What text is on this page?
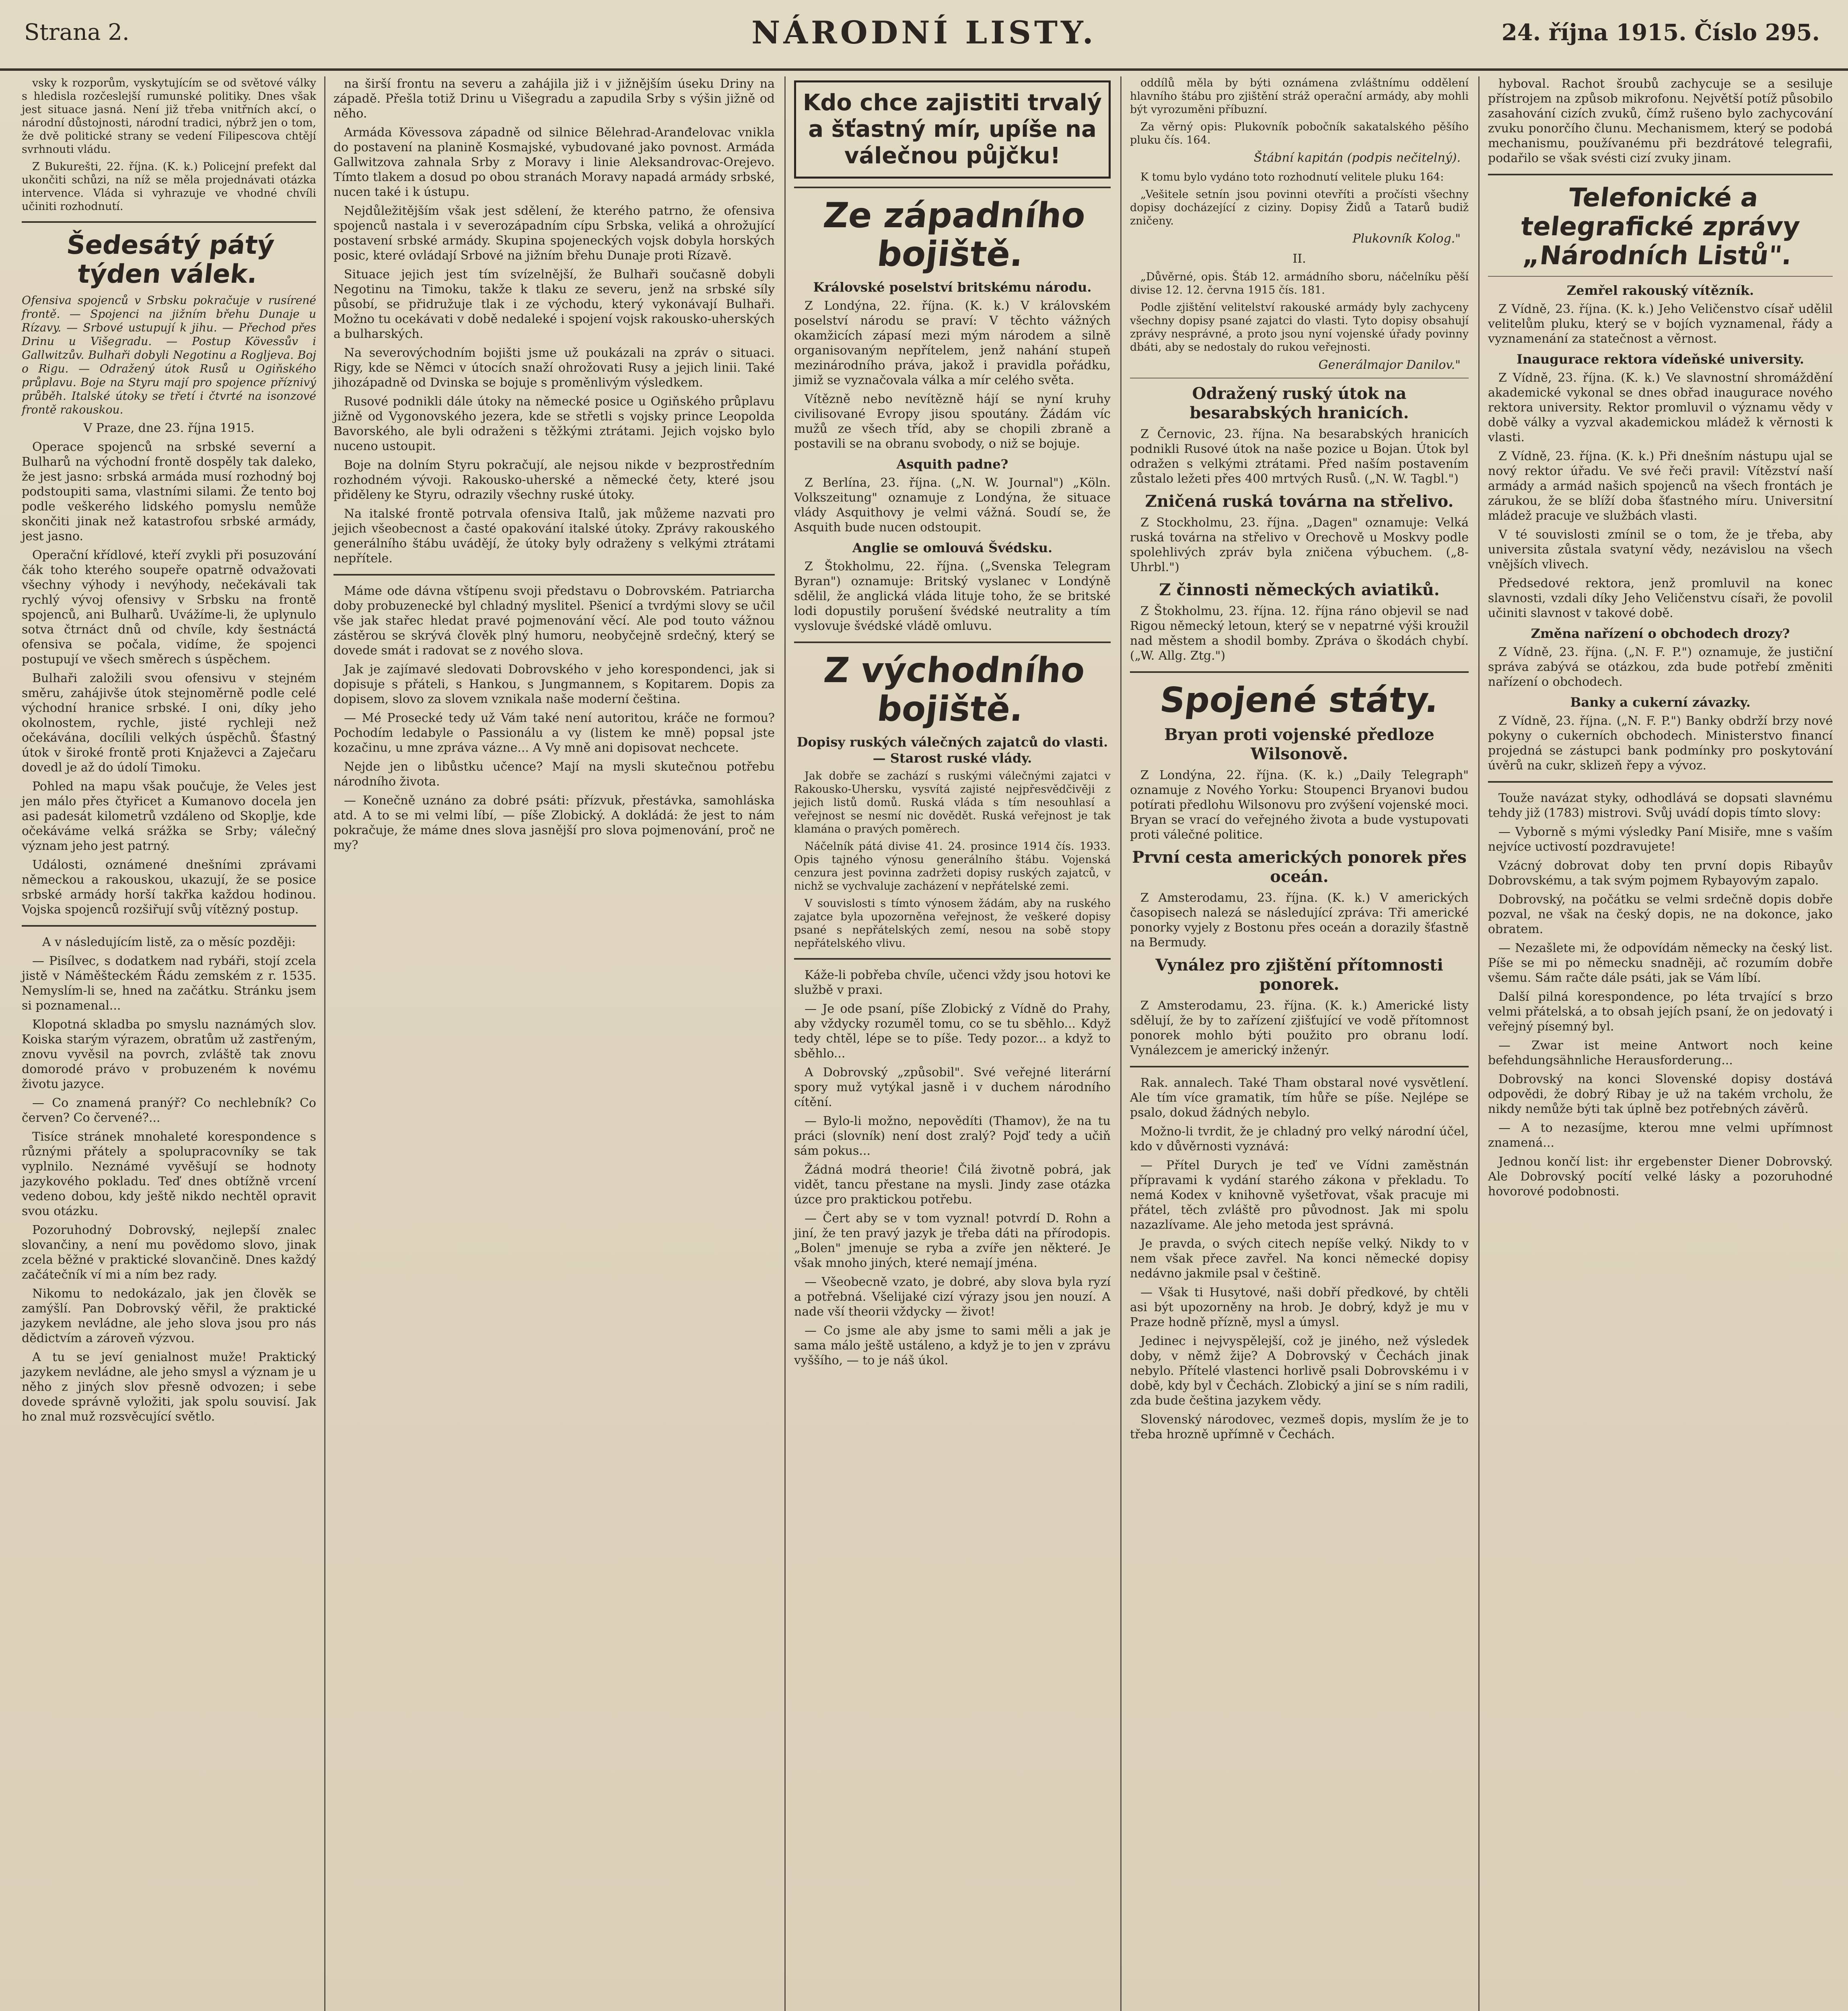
Strana 2.	NÁRODNÍ LISTY.	24. října 1915. Číslo 295.

vsky k rozporům, vyskytujícím se od světové války s hledisla rozčeslejší rumunské politiky. Dnes však jest situace jasná. Není již třeba vnitřních akcí, o národní důstojnosti, národní tradici, nýbrž jen o tom, že dvě politické strany se vedení Filipescova chtějí svrhnouti vládu.

Z Bukurešti, 22. října. (K. k.) Policejní prefekt dal ukončiti schůzi, na níž se měla projednávati otázka intervence. Vláda si vyhrazuje ve vhodné chvíli učiniti rozhodnutí.

Šedesátý pátý týden válek.

Ofensiva spojenců v Srbsku pokračuje v rusírené frontě. — Spojenci na jižním břehu Dunaje u Rízavy. — Srbové ustupují k jihu. — Přechod přes Drinu u Višegradu. — Postup Kövessův i Gallwitzův. Bulhaři dobyli Negotinu a Rogljeva. Boj o Rigu. — Odražený útok Rusů u Ogiňského průplavu. Boje na Styru mají pro spojence příznivý průběh. Italské útoky se třetí i čtvrté na isonzové frontě rakouskou.

V Praze, dne 23. října 1915.

Operace spojenců na srbské severní a Bulharů na východní frontě dospěly tak daleko, že jest jasno: srbská armáda musí rozhodný boj podstoupiti sama, vlastními silami. Že tento boj podle veškerého lidského pomyslu nemůže skončiti jinak než katastrofou srbské armády, jest jasno.

Operační křídlové, kteří zvykli při posuzování čák toho kterého soupeře opatrně odvažovati všechny výhody i nevýhody, nečekávali tak rychlý vývoj ofensivy v Srbsku na frontě spojenců, ani Bulharů. Uvážíme-li, že uplynulo sotva čtrnáct dnů od chvíle, kdy šestnáctá ofensiva se počala, vidíme, že spojenci postupují ve všech směrech s úspěchem.

Bulhaři založili svou ofensivu v stejném směru, zahájivše útok stejnoměrně podle celé východní hranice srbské. I oni, díky jeho okolnostem, rychle, jisté rychleji než očekávána, docílili velkých úspěchů. Šťastný útok v široké frontě proti Knjaževci a Zaječaru dovedl je až do údolí Timoku.

Pohled na mapu však poučuje, že Veles jest jen málo přes čtyřicet a Kumanovo docela jen asi padesát kilometrů vzdáleno od Skoplje, kde očekáváme velká srážka se Srby; válečný význam jeho jest patrný.

Události, oznámené dnešními zprávami německou a rakouskou, ukazují, že se posice srbské armády horší takřka každou hodinou. Vojska spojenců rozšiřují svůj vítězný postup.

A v následujícím listě, za o měsíc později:

— Pisílvec, s dodatkem nad rybáři, stojí zcela jistě v Náměšteckém Řádu zemském z r. 1535. Nemyslím-li se, hned na začátku. Stránku jsem si poznamenal...

Klopotná skladba po smyslu naznámých slov. Koiska starým výrazem, obratům už zastřeným, znovu vyvěsil na povrch, zvláště tak znovu domorodé právo v probuzeném k novému životu jazyce.

— Co znamená pranýř? Co nechlebník? Co červen? Co červené?...

Tisíce stránek mnohaleté korespondence s různými přátely a spolupracovníky se tak vyplnilo. Neznámé vyvěšují se hodnoty jazykového pokladu. Teď dnes obtížně vrcení vedeno dobou, kdy ještě nikdo nechtěl opravit svou otázku.

Pozoruhodný Dobrovský, nejlepší znalec slovančiny, a není mu povědomo slovo, jinak zcela běžné v praktické slovančině. Dnes každý začátečník ví mi a ním bez rady.

Nikomu to nedokázalo, jak jen člověk se zamýšlí. Pan Dobrovský věřil, že praktické jazykem nevládne, ale jeho slova jsou pro nás dědictvím a zároveň výzvou.

A tu se jeví genialnost muže! Praktický jazykem nevládne, ale jeho smysl a význam je u něho z jiných slov přesně odvozen; i sebe dovede správně vyložiti, jak spolu souvisí. Jak ho znal muž rozsvěcující světlo.

na širší frontu na severu a zahájila již i v jižnějším úseku Driny na západě. Přešla totiž Drinu u Višegradu a zapudila Srby s výšin jižně od něho.

Armáda Kövessova západně od silnice Bělehrad-Aranđelovac vnikla do postavení na planině Kosmajské, vybudované jako povnost. Armáda Gallwitzova zahnala Srby z Moravy i linie Aleksandrovac-Orejevo. Tímto tlakem a dosud po obou stranách Moravy napadá armády srbské, nucen také i k ústupu.

Nejdůležitějším však jest sdělení, že kterého patrno, že ofensiva spojenců nastala i v severozápadním cípu Srbska, veliká a ohrožující postavení srbské armády. Skupina spojeneckých vojsk dobyla horských posic, které ovládají Srbové na jižním břehu Dunaje proti Rízavě.

Situace jejich jest tím svízelnější, že Bulhaři současně dobyli Negotinu na Timoku, takže k tlaku ze severu, jenž na srbské síly působí, se přidružuje tlak i ze východu, který vykonávají Bulhaři. Možno tu ocekávati v době nedaleké i spojení vojsk rakousko-uherských a bulharských.

Na severovýchodním bojišti jsme už poukázali na zpráv o situaci. Rigy, kde se Němci v útocích snaží ohrožovati Rusy a jejich linii. Také jihozápadně od Dvinska se bojuje s proměnlivým výsledkem.

Rusové podnikli dále útoky na německé posice u Ogiňského průplavu jižně od Vygonovského jezera, kde se střetli s vojsky prince Leopolda Bavorského, ale byli odraženi s těžkými ztrátami. Jejich vojsko bylo nuceno ustoupit.

Boje na dolním Styru pokračují, ale nejsou nikde v bezprostředním rozhodném vývoji. Rakousko-uherské a německé čety, které jsou přiděleny ke Styru, odrazily všechny ruské útoky.

Na italské frontě potrvala ofensiva Italů, jak můžeme nazvati pro jejich všeobecnost a časté opakování italské útoky. Zprávy rakouského generálního štábu uvádějí, že útoky byly odraženy s velkými ztrátami nepřítele.

Máme ode dávna vštípenu svoji představu o Dobrovském. Patriarcha doby probuzenecké byl chladný myslitel. Pšenicí a tvrdými slovy se učil vše jak stařec hledat pravé pojmenování věcí. Ale pod touto vážnou zástěrou se skrývá člověk plný humoru, neobyčejně srdečný, který se dovede smát i radovat se z nového slova.

Jak je zajímavé sledovati Dobrovského v jeho korespondenci, jak si dopisuje s přáteli, s Hankou, s Jungmannem, s Kopitarem. Dopis za dopisem, slovo za slovem vznikala naše moderní čeština.

— Mé Prosecké tedy už Vám také není autoritou, kráče ne formou? Pochodím ledabyle o Passionálu a vy (listem ke mně) popsal jste kozačinu, u mne zpráva vázne... A Vy mně ani dopisovat nechcete.

Nejde jen o libůstku učence? Mají na mysli skutečnou potřebu národního života.

— Konečně uznáno za dobré psáti: přízvuk, přestávka, samohláska atd. A to se mi velmi líbí, — píše Zlobický. A dokládá: že jest to nám pokračuje, že máme dnes slova jasnější pro slova pojmenování, proč ne my?

Kdo chce zajistiti trvalý a šťastný mír, upíše na válečnou půjčku!
Ze západního bojiště.
Královské poselství britskému národu.

Z Londýna, 22. října. (K. k.) V královském poselství národu se praví: V těchto vážných okamžicích zápasí mezi mým národem a silně organisovaným nepřítelem, jenž nahání stupeň mezinárodního práva, jakož i pravidla pořádku, jimiž se vyznačovala válka a mír celého světa.

Vítězně nebo nevítězně hájí se nyní kruhy civilisované Evropy jisou spoutány. Žádám víc mužů ze všech tříd, aby se chopili zbraně a postavili se na obranu svobody, o niž se bojuje.

Asquith padne?

Z Berlína, 23. října. („N. W. Journal") „Köln. Volkszeitung" oznamuje z Londýna, že situace vlády Asquithovy je velmi vážná. Soudí se, že Asquith bude nucen odstoupit.

Anglie se omlouvá Švédsku.

Z Štokholmu, 22. října. („Svenska Telegram Byran") oznamuje: Britský vyslanec v Londýně sdělil, že anglická vláda lituje toho, že se britské lodi dopustily porušení švédské neutrality a tím vyslovuje švédské vládě omluvu.

Z východního bojiště.
Dopisy ruských válečných zajatců do vlasti. — Starost ruské vlády.

Jak dobře se zachází s ruskými válečnými zajatci v Rakousko-Uhersku, vysvítá zajisté nejpřesvědčivěji z jejich listů domů. Ruská vláda s tím nesouhlasí a veřejnost se nesmí nic dovědět. Ruská veřejnost je tak klamána o pravých poměrech.

Náčelník pátá divise 41. 24. prosince 1914 čís. 1933. Opis tajného výnosu generálního štábu. Vojenská cenzura jest povinna zadržeti dopisy ruských zajatců, v nichž se vychvaluje zacházení v nepřátelské zemi.

V souvislosti s tímto výnosem žádám, aby na ruského zajatce byla upozorněna veřejnost, že veškeré dopisy psané s nepřátelských zemí, nesou na sobě stopy nepřátelského vlivu.

Káže-li pobřeba chvíle, učenci vždy jsou hotovi ke službě v praxi.

— Je ode psaní, píše Zlobický z Vídně do Prahy, aby vždycky rozuměl tomu, co se tu sběhlo... Když tedy chtěl, lépe se to píše. Tedy pozor... a když to sběhlo...

A Dobrovský „způsobil". Své veřejné literární spory muž vytýkal jasně i v duchem národního cítění.

— Bylo-li možno, nepovědíti (Thamov), že na tu práci (slovník) není dost zralý? Pojď tedy a učiň sám pokus...

Žádná modrá theorie! Čilá životně pobrá, jak vidět, tancu přestane na mysli. Jindy zase otázka úzce pro praktickou potřebu.

— Čert aby se v tom vyznal! potvrdí D. Rohn a jiní, že ten pravý jazyk je třeba dáti na přírodopis. „Bolen" jmenuje se ryba a zvíře jen některé. Je však mnoho jiných, které nemají jména.

— Všeobecně vzato, je dobré, aby slova byla ryzí a potřebná. Všelijaké cizí výrazy jsou jen nouzí. A nade vší theorii vždycky — život!

— Co jsme ale aby jsme to sami měli a jak je sama málo ještě ustáleno, a když je to jen v zprávu vyššího, — to je náš úkol.

oddílů měla by býti oznámena zvláštnímu oddělení hlavního štábu pro zjištění stráž operační armády, aby mohli být vyrozuměni příbuzní.

Za věrný opis: Plukovník pobočník sakatalského pěšího pluku čís. 164.

Štábní kapitán (podpis nečitelný).

K tomu bylo vydáno toto rozhodnutí velitele pluku 164:

„Vešitele setnín jsou povinni otevříti a pročísti všechny dopisy docházející z ciziny. Dopisy Židů a Tatarů budiž zničeny.

Plukovník Kolog."

II.

„Důvěrné, opis. Štáb 12. armádního sboru, náčelníku pěší divise 12. 12. června 1915 čís. 181.

Podle zjištění velitelství rakouské armády byly zachyceny všechny dopisy psané zajatci do vlasti. Tyto dopisy obsahují zprávy nesprávné, a proto jsou nyní vojenské úřady povinny dbáti, aby se nedostaly do rukou veřejnosti.

Generálmajor Danilov."
Odražený ruský útok na besarabských hranicích.

Z Černovic, 23. října. Na besarabských hranicích podnikli Rusové útok na naše pozice u Bojan. Útok byl odražen s velkými ztrátami. Před naším postavením zůstalo ležeti přes 400 mrtvých Rusů. („N. W. Tagbl.")

Zničená ruská továrna na střelivo.

Z Stockholmu, 23. října. „Dagen" oznamuje: Velká ruská továrna na střelivo v Orechově u Moskvy podle spolehlivých zpráv byla zničena výbuchem. („8-Uhrbl.")

Z činnosti německých aviatiků.

Z Štokholmu, 23. října. 12. října ráno objevil se nad Rigou německý letoun, který se v nepatrné výši kroužil nad městem a shodil bomby. Zpráva o škodách chybí. („W. Allg. Ztg.")

Spojené státy.
Bryan proti vojenské předloze Wilsonově.

Z Londýna, 22. října. (K. k.) „Daily Telegraph" oznamuje z Nového Yorku: Stoupenci Bryanovi budou potírati předlohu Wilsonovu pro zvýšení vojenské moci. Bryan se vrací do veřejného života a bude vystupovati proti válečné politice.

První cesta amerických ponorek přes oceán.

Z Amsterodamu, 23. října. (K. k.) V amerických časopisech nalezá se následující zpráva: Tři americké ponorky vyjely z Bostonu přes oceán a dorazily šťastně na Bermudy.

Vynález pro zjištění přítomnosti ponorek.

Z Amsterodamu, 23. října. (K. k.) Americké listy sdělují, že by to zařízení zjišťující ve vodě přítomnost ponorek mohlo býti použito pro obranu lodí. Vynálezcem je americký inženýr.

Rak. annalech. Také Tham obstaral nové vysvětlení. Ale tím více gramatik, tím hůře se píše. Nejlépe se psalo, dokud žádných nebylo.

Možno-li tvrdit, že je chladný pro velký národní účel, kdo v důvěrnosti vyznává:

— Přítel Durych je teď ve Vídni zaměstnán přípravami k vydání starého zákona v překladu. To nemá Kodex v knihovně vyšetřovat, však pracuje mi přátel, těch zvláště pro původnost. Jak mi spolu nazazlívame. Ale jeho metoda jest správná.

Je pravda, o svých citech nepíše velký. Nikdy to v nem však přece zavřel. Na konci německé dopisy nedávno jakmile psal v češtině.

— Však ti Husytové, naši dobří předkové, by chtěli asi být upozorněny na hrob. Je dobrý, když je mu v Praze hodně přízně, mysl a úmysl.

Jedinec i nejvyspělejší, což je jiného, než výsledek doby, v němž žije? A Dobrovský v Čechách jinak nebylo. Přítelé vlastenci horlivě psali Dobrovskému i v době, kdy byl v Čechách. Zlobický a jiní se s ním radili, zda bude čeština jazykem vědy.

Slovenský národovec, vezmeš dopis, myslím že je to třeba hrozně upřímně v Čechách.

hyboval. Rachot šroubů zachycuje se a sesiluje přístrojem na způsob mikrofonu. Největší potíž působilo zasahování cizích zvuků, čímž rušeno bylo zachycování zvuku ponorčího člunu. Mechanismem, který se podobá mechanismu, používanému při bezdrátové telegrafii, podařilo se však svésti cizí zvuky jinam.

Telefonické a telegrafické zprávy „Národních Listů".
Zemřel rakouský vítězník.

Z Vídně, 23. října. (K. k.) Jeho Veličenstvo císař udělil velitelům pluku, který se v bojích vyznamenal, řády a vyznamenání za statečnost a věrnost.

Inaugurace rektora vídeňské university.

Z Vídně, 23. října. (K. k.) Ve slavnostní shromáždění akademické vykonal se dnes obřad inaugurace nového rektora university. Rektor promluvil o významu vědy v době války a vyzval akademickou mládež k věrnosti k vlasti.

Z Vídně, 23. října. (K. k.) Při dnešním nástupu ujal se nový rektor úřadu. Ve své řeči pravil: Vítězství naší armády a armád našich spojenců na všech frontách je zárukou, že se blíží doba šťastného míru. Universitní mládež pracuje ve službách vlasti.

V té souvislosti zmínil se o tom, že je třeba, aby universita zůstala svatyní vědy, nezávislou na všech vnějších vlivech.

Předsedové rektora, jenž promluvil na konec slavnosti, vzdali díky Jeho Veličenstvu císaři, že povolil učiniti slavnost v takové době.

Změna nařízení o obchodech drozy?

Z Vídně, 23. října. („N. F. P.") oznamuje, že justiční správa zabývá se otázkou, zda bude potřebí změniti nařízení o obchodech.

Banky a cukerní závazky.

Z Vídně, 23. října. („N. F. P.") Banky obdrží brzy nové pokyny o cukerních obchodech. Ministerstvo financí projedná se zástupci bank podmínky pro poskytování úvěrů na cukr, sklizeň řepy a vývoz.

Touže navázat styky, odhodlává se dopsati slavnému tehdy již (1783) mistrovi. Svůj uvádí dopis tímto slovy:

— Vyborně s mými výsledky Paní Misiře, mne s vaším nejvíce uctivostí pozdravujete!

Vzácný dobrovat doby ten první dopis Ribayův Dobrovskému, a tak svým pojmem Rybayovým zapalo.

Dobrovský, na počátku se velmi srdečně dopis dobře pozval, ne však na český dopis, ne na dokonce, jako obratem.

— Nezašlete mi, že odpovídám německy na český list. Píše se mi po německu snadněji, ač rozumím dobře všemu. Sám račte dále psáti, jak se Vám líbí.

Další pilná korespondence, po léta trvající s brzo velmi přátelská, a to obsah jejích psaní, že on jedovatý i veřejný písemný byl.

— Zwar ist meine Antwort noch keine befehdungsähnliche Herausforderung...

Dobrovský na konci Slovenské dopisy dostává odpovědi, že dobrý Ribay je už na takém vrcholu, že nikdy nemůže býti tak úplně bez potřebných závěrů.

— A to nezasíjme, kterou mne velmi upřímnost znamená...

Jednou končí list: ihr ergebenster Diener Dobrovský. Ale Dobrovský pocítí velké lásky a pozoruhodné hovorové podobnosti.
